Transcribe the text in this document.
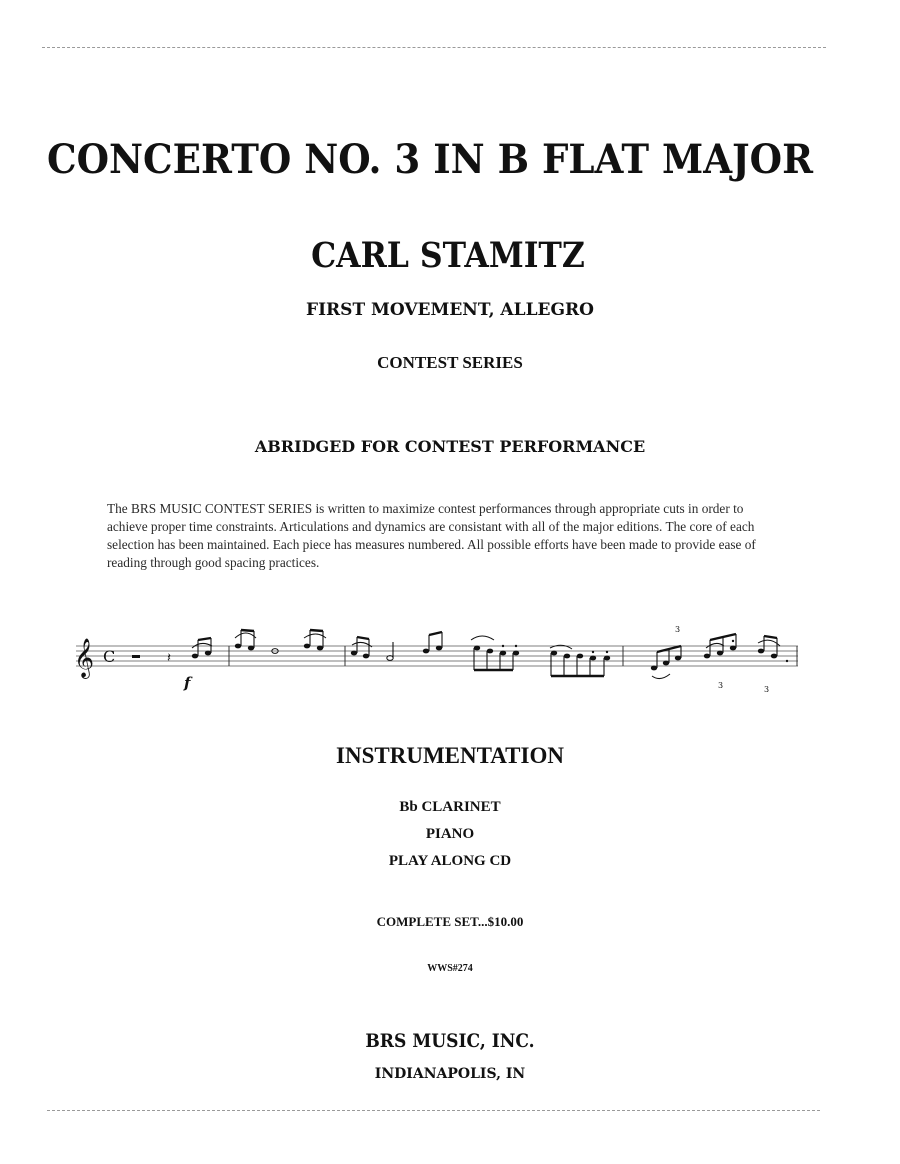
CONCERTO NO. 3 IN B FLAT MAJOR
CARL STAMITZ
FIRST MOVEMENT, ALLEGRO
CONTEST SERIES
ABRIDGED FOR CONTEST PERFORMANCE
The BRS MUSIC CONTEST SERIES is written to maximize contest performances through appropriate cuts in order to achieve proper time constraints. Articulations and dynamics are consistant with all of the major editions. The core of each selection has been maintained. Each piece has measures numbered. All possible efforts have been made to provide ease of reading through good spacing practices.
𝄞 C	𝄽
f
3
3	3
INSTRUMENTATION
Bb CLARINET
PIANO
PLAY ALONG CD
COMPLETE SET...$10.00
WWS#274
BRS MUSIC, INC.
INDIANAPOLIS, IN
